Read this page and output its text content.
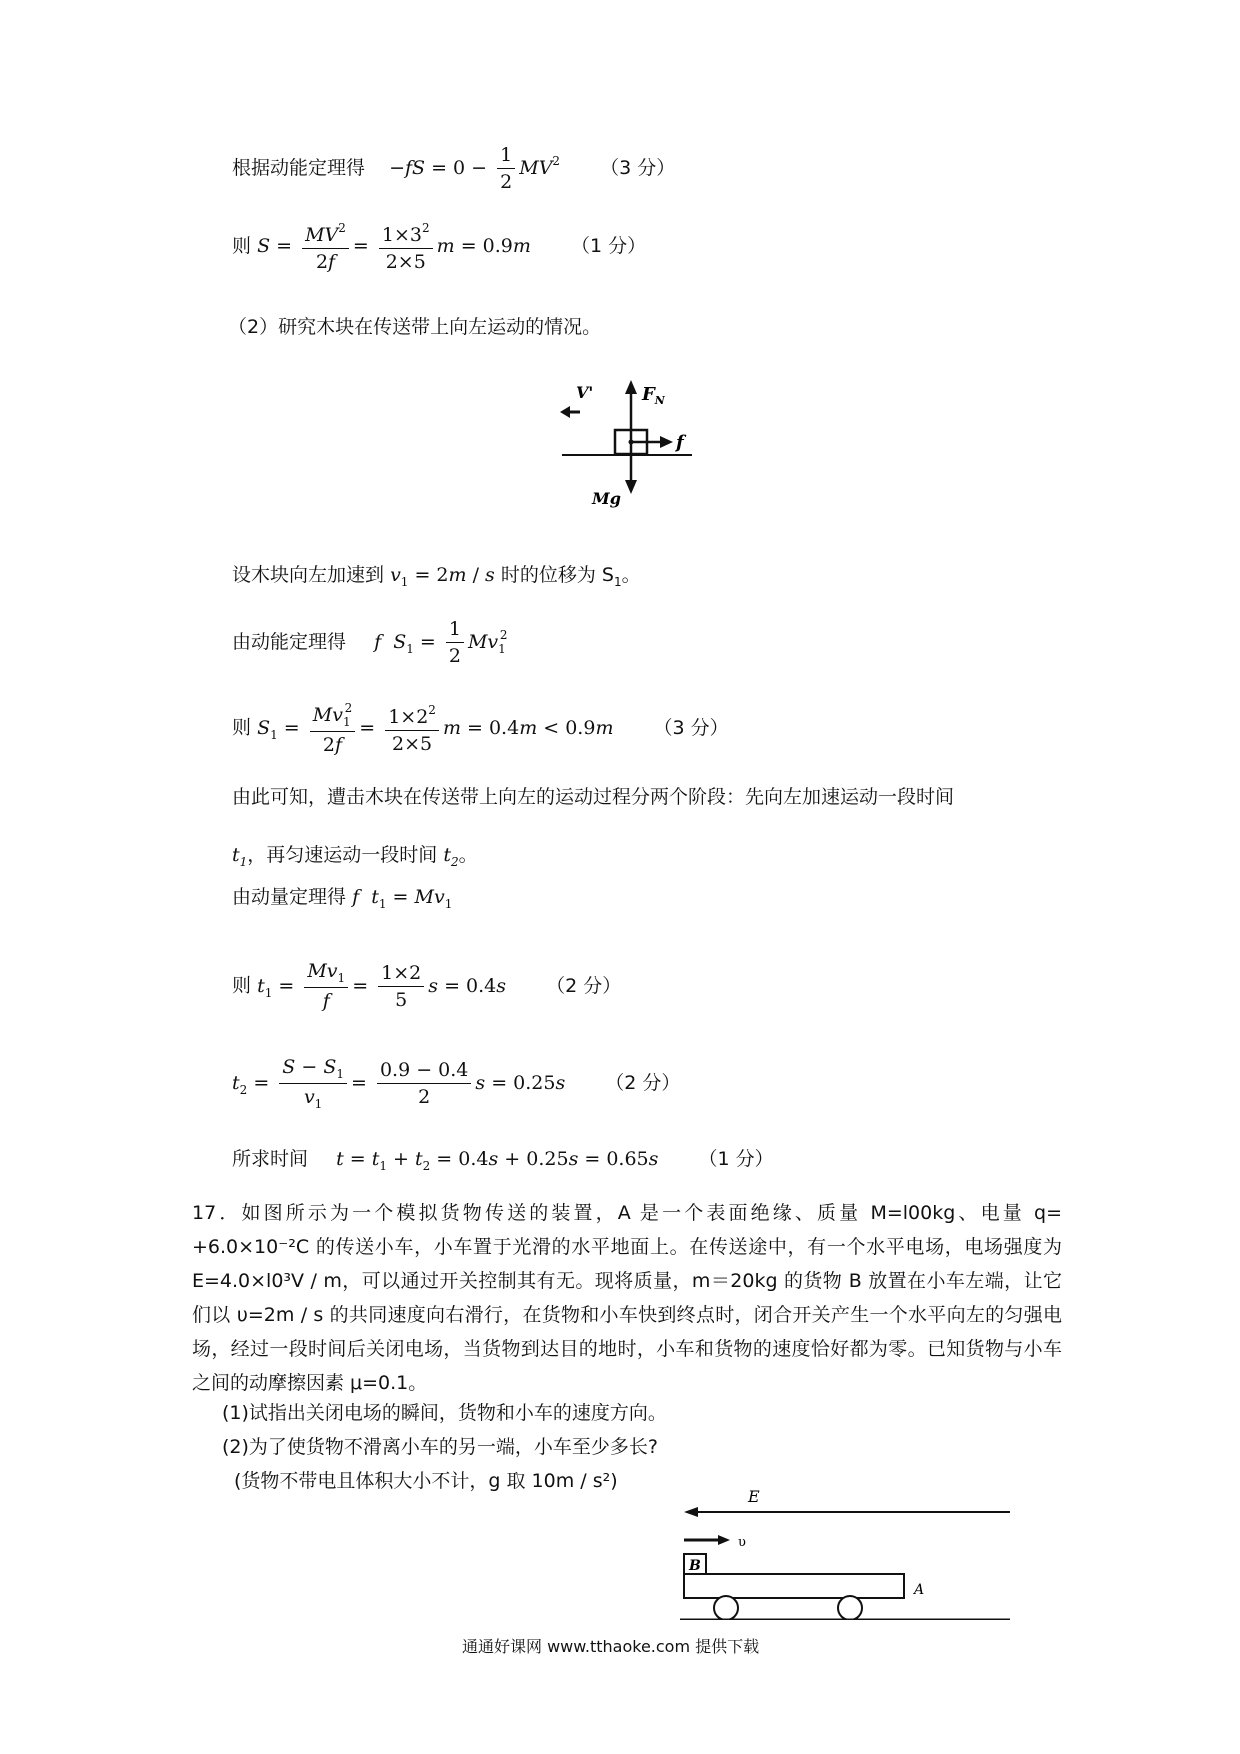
根据动能定理得 $-fS = 0 - \frac{1}{2} MV^2$ （3 分）
则 $S = \frac{MV^2}{2f} = \frac{1\times 3^2}{2\times 5}$ m = 0.9m （1 分）
（2）研究木块在传送带上向左运动的情况。
V'	$F_N$
f
Mg
设木块向左加速到 $v_1 = 2m / s$ 时的位移为 $S_1$。
由动能定理得 f $S_1 = \frac{1}{2} Mv_1^2$
则 $S_1 = \frac{Mv_1^2}{2f} = \frac{1\times 2^2}{2\times 5}$ m = 0.4m < 0.9m （3 分）
由此可知，遭击木块在传送带上向左的运动过程分两个阶段：先向左加速运动一段时间
$t_1$，再匀速运动一段时间 $t_2$。
由动量定理得 f $t_1 = Mv_1$
则 $t_1 = \frac{Mv_1}{f} = \frac{1\times 2}{5}$ s = 0.4s （2 分）
$t_2 = \frac{S - S_1}{v_1} = \frac{0.9 - 0.4}{2}$ s = 0.25s （2 分）
所求时间 $t = t_1 + t_2 = 0.4s + 0.25s = 0.65s$ （1 分）
17．如图所示为一个模拟货物传送的装置，A 是一个表面绝缘、质量 M=l00kg、电量 q= +6.0×10⁻²C 的传送小车，小车置于光滑的水平地面上。在传送途中，有一个水平电场，电场强度为 E=4.0×l0³V / m，可以通过开关控制其有无。现将质量，m＝20kg 的货物 B 放置在小车左端，让它们以 υ=2m / s 的共同速度向右滑行，在货物和小车快到终点时，闭合开关产生一个水平向左的匀强电场，经过一段时间后关闭电场，当货物到达目的地时，小车和货物的速度恰好都为零。已知货物与小车之间的动摩擦因素 μ=0.1。
(1)试指出关闭电场的瞬间，货物和小车的速度方向。
(2)为了使货物不滑离小车的另一端，小车至少多长?
(货物不带电且体积大小不计，g 取 10m / s²)
E
υ
B
A
通通好课网 www.tthaoke.com 提供下载
